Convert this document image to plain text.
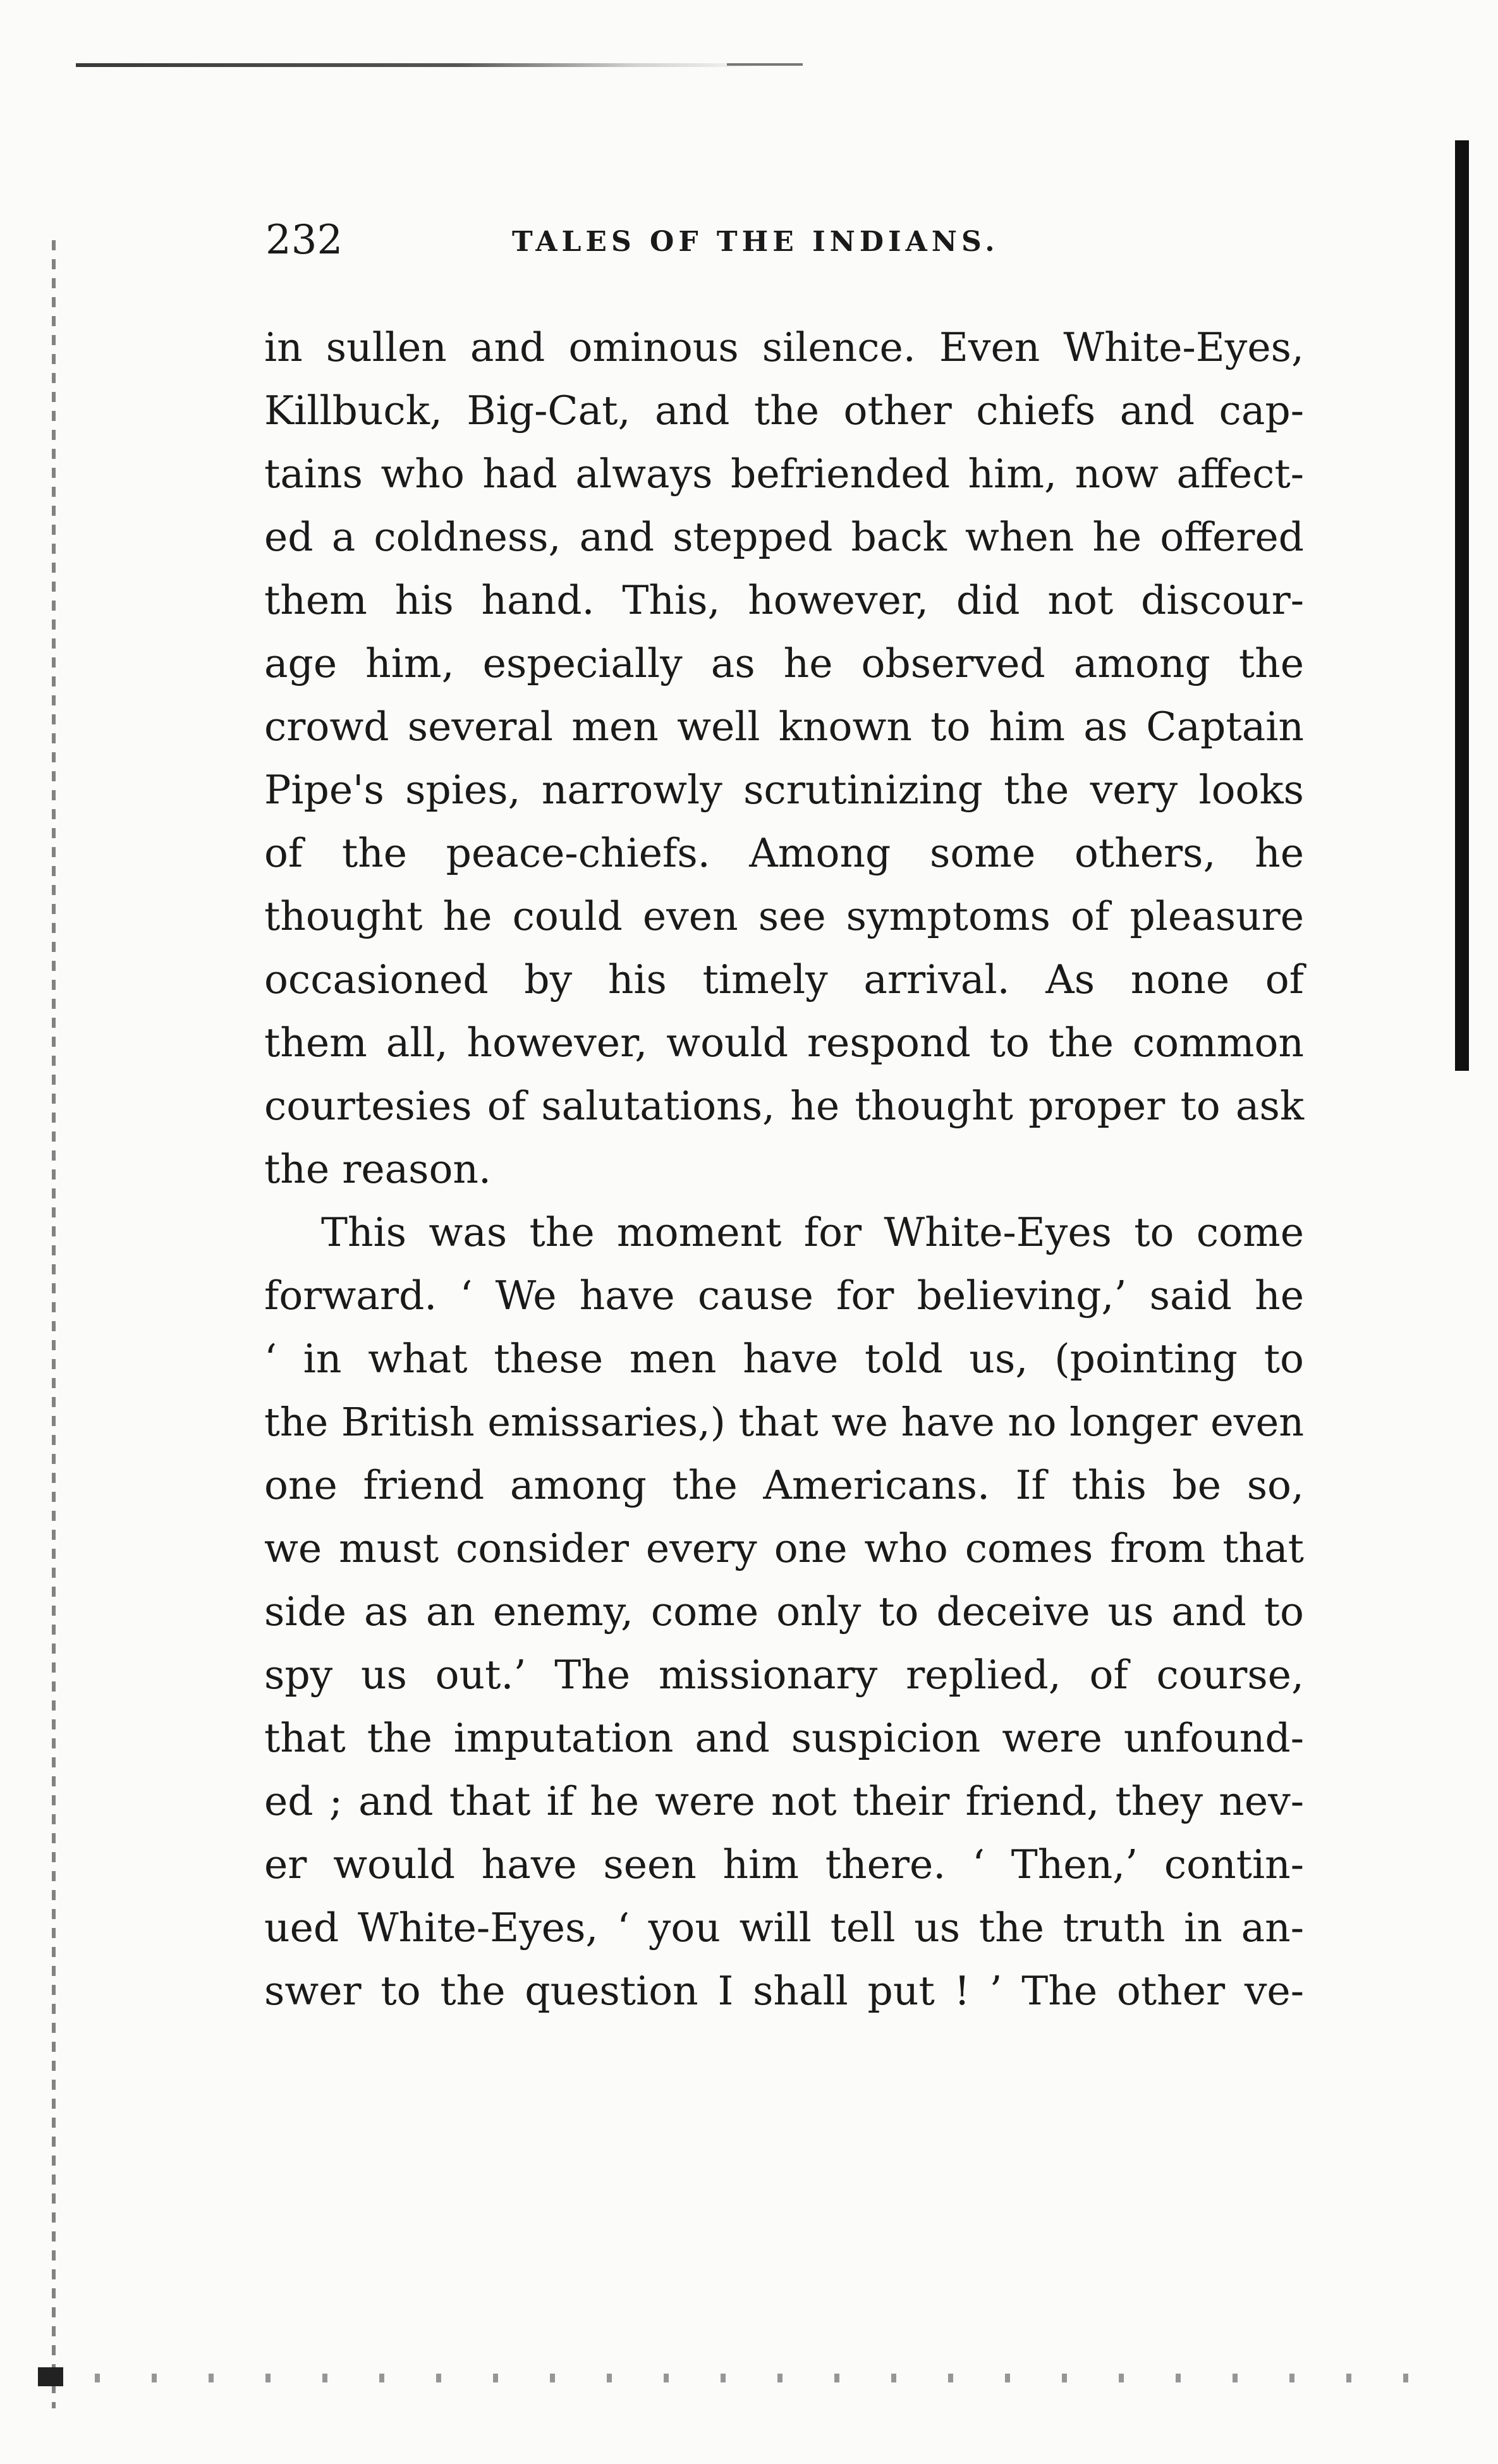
232	TALES OF THE INDIANS.
in sullen and ominous silence. Even White-Eyes,
Killbuck, Big-Cat, and the other chiefs and cap-
tains who had always befriended him, now affect-
ed a coldness, and stepped back when he offered
them his hand. This, however, did not discour-
age him, especially as he observed among the
crowd several men well known to him as Captain
Pipe's spies, narrowly scrutinizing the very looks
of the peace-chiefs. Among some others, he
thought he could even see symptoms of pleasure
occasioned by his timely arrival. As none of
them all, however, would respond to the common
courtesies of salutations, he thought proper to ask
the reason.
This was the moment for White-Eyes to come
forward. ‘ We have cause for believing,’ said he
‘ in what these men have told us, (pointing to
the British emissaries,) that we have no longer even
one friend among the Americans. If this be so,
we must consider every one who comes from that
side as an enemy, come only to deceive us and to
spy us out.’ The missionary replied, of course,
that the imputation and suspicion were unfound-
ed ; and that if he were not their friend, they nev-
er would have seen him there. ‘ Then,’ contin-
ued White-Eyes, ‘ you will tell us the truth in an-
swer to the question I shall put ! ’ The other ve-
